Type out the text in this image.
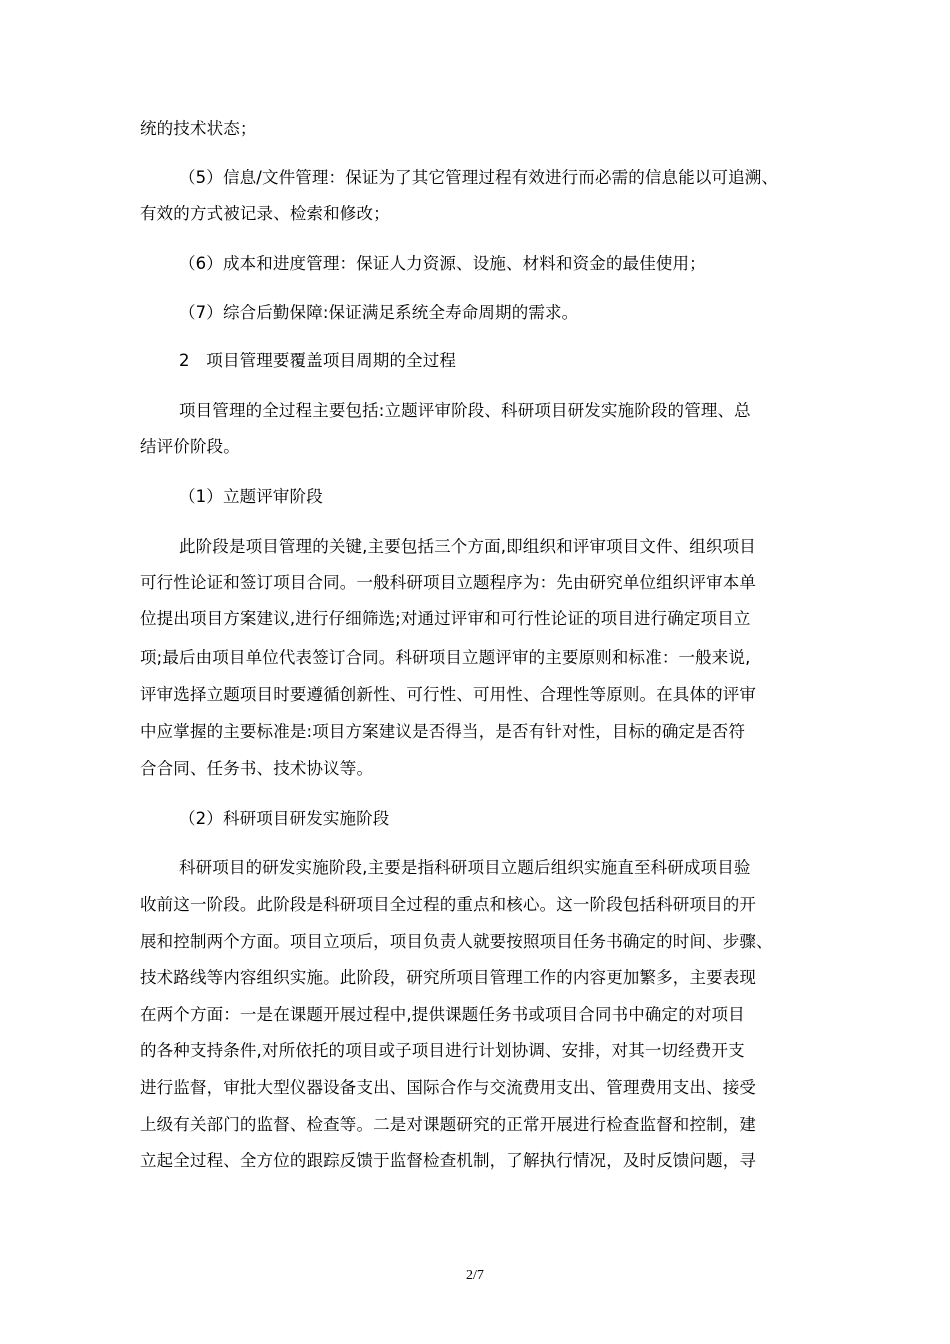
统的技术状态；
（5）信息/文件管理：保证为了其它管理过程有效进行而必需的信息能以可追溯、
有效的方式被记录、检索和修改；
（6）成本和进度管理：保证人力资源、设施、材料和资金的最佳使用；
（7）综合后勤保障:保证满足系统全寿命周期的需求。
2　项目管理要覆盖项目周期的全过程
项目管理的全过程主要包括:立题评审阶段、科研项目研发实施阶段的管理、总
结评价阶段。
（1）立题评审阶段
此阶段是项目管理的关键,主要包括三个方面,即组织和评审项目文件、组织项目
可行性论证和签订项目合同。一般科研项目立题程序为：先由研究单位组织评审本单
位提出项目方案建议,进行仔细筛选;对通过评审和可行性论证的项目进行确定项目立
项;最后由项目单位代表签订合同。科研项目立题评审的主要原则和标准：一般来说,
评审选择立题项目时要遵循创新性、可行性、可用性、合理性等原则。在具体的评审
中应掌握的主要标准是:项目方案建议是否得当，是否有针对性，目标的确定是否符
合合同、任务书、技术协议等。
（2）科研项目研发实施阶段
科研项目的研发实施阶段,主要是指科研项目立题后组织实施直至科研成项目验
收前这一阶段。此阶段是科研项目全过程的重点和核心。这一阶段包括科研项目的开
展和控制两个方面。项目立项后，项目负责人就要按照项目任务书确定的时间、步骤、
技术路线等内容组织实施。此阶段，研究所项目管理工作的内容更加繁多，主要表现
在两个方面：一是在课题开展过程中,提供课题任务书或项目合同书中确定的对项目
的各种支持条件,对所依托的项目或子项目进行计划协调、安排，对其一切经费开支
进行监督，审批大型仪器设备支出、国际合作与交流费用支出、管理费用支出、接受
上级有关部门的监督、检查等。二是对课题研究的正常开展进行检查监督和控制，建
立起全过程、全方位的跟踪反馈于监督检查机制，了解执行情况，及时反馈问题，寻
2/7
